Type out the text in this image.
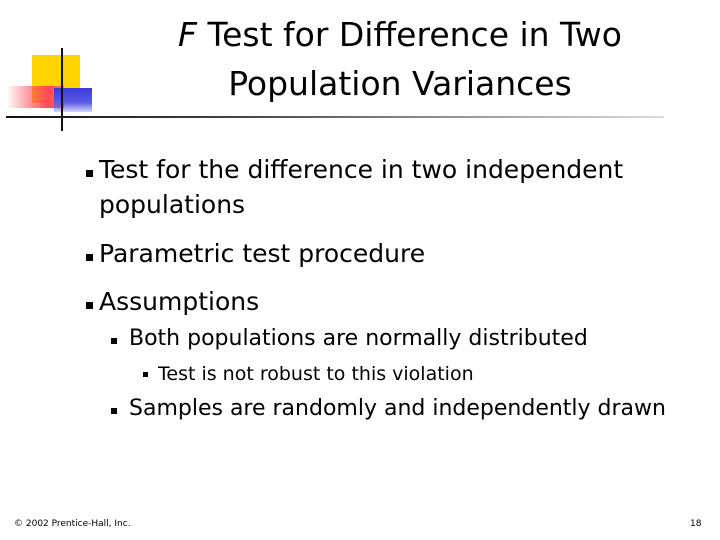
F Test for Difference in Two Population Variances
Test for the difference in two independent
populations
Parametric test procedure
Assumptions
Both populations are normally distributed
Test is not robust to this violation
Samples are randomly and independently drawn
© 2002 Prentice-Hall, Inc.	18
